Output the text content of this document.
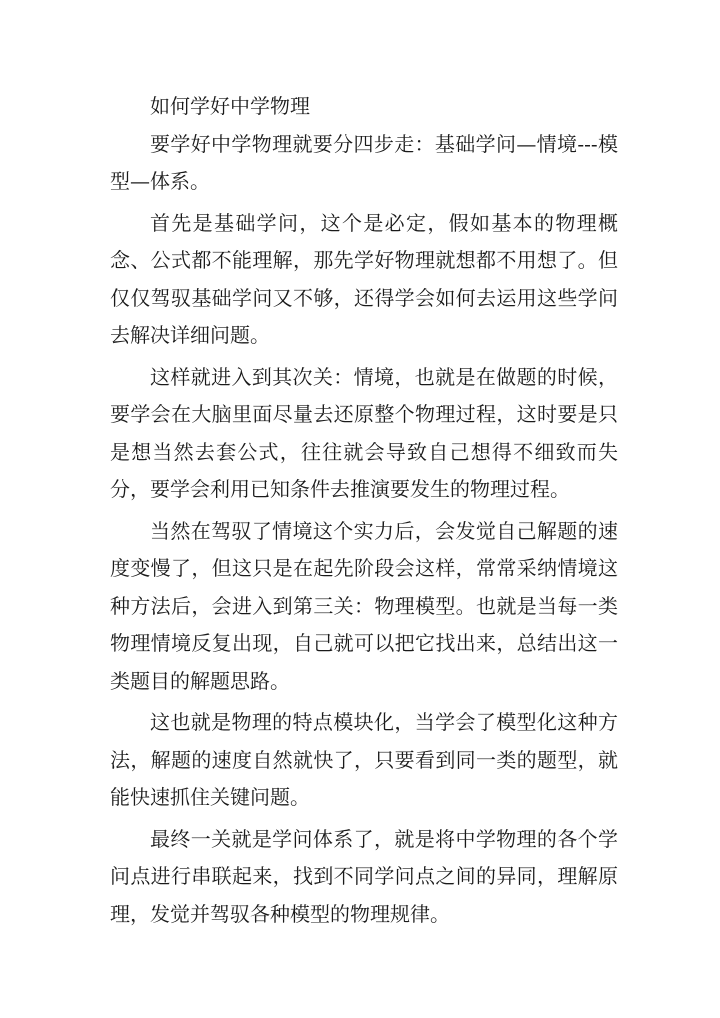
如何学好中学物理

要学好中学物理就要分四步走：基础学问—情境---模型—体系。

首先是基础学问，这个是必定，假如基本的物理概念、公式都不能理解，那先学好物理就想都不用想了。但仅仅驾驭基础学问又不够，还得学会如何去运用这些学问去解决详细问题。

这样就进入到其次关：情境，也就是在做题的时候，要学会在大脑里面尽量去还原整个物理过程，这时要是只是想当然去套公式，往往就会导致自己想得不细致而失分，要学会利用已知条件去推演要发生的物理过程。

当然在驾驭了情境这个实力后，会发觉自己解题的速度变慢了，但这只是在起先阶段会这样，常常采纳情境这种方法后，会进入到第三关：物理模型。也就是当每一类物理情境反复出现，自己就可以把它找出来，总结出这一类题目的解题思路。

这也就是物理的特点模块化，当学会了模型化这种方法，解题的速度自然就快了，只要看到同一类的题型，就能快速抓住关键问题。

最终一关就是学问体系了，就是将中学物理的各个学问点进行串联起来，找到不同学问点之间的异同，理解原理，发觉并驾驭各种模型的物理规律。
